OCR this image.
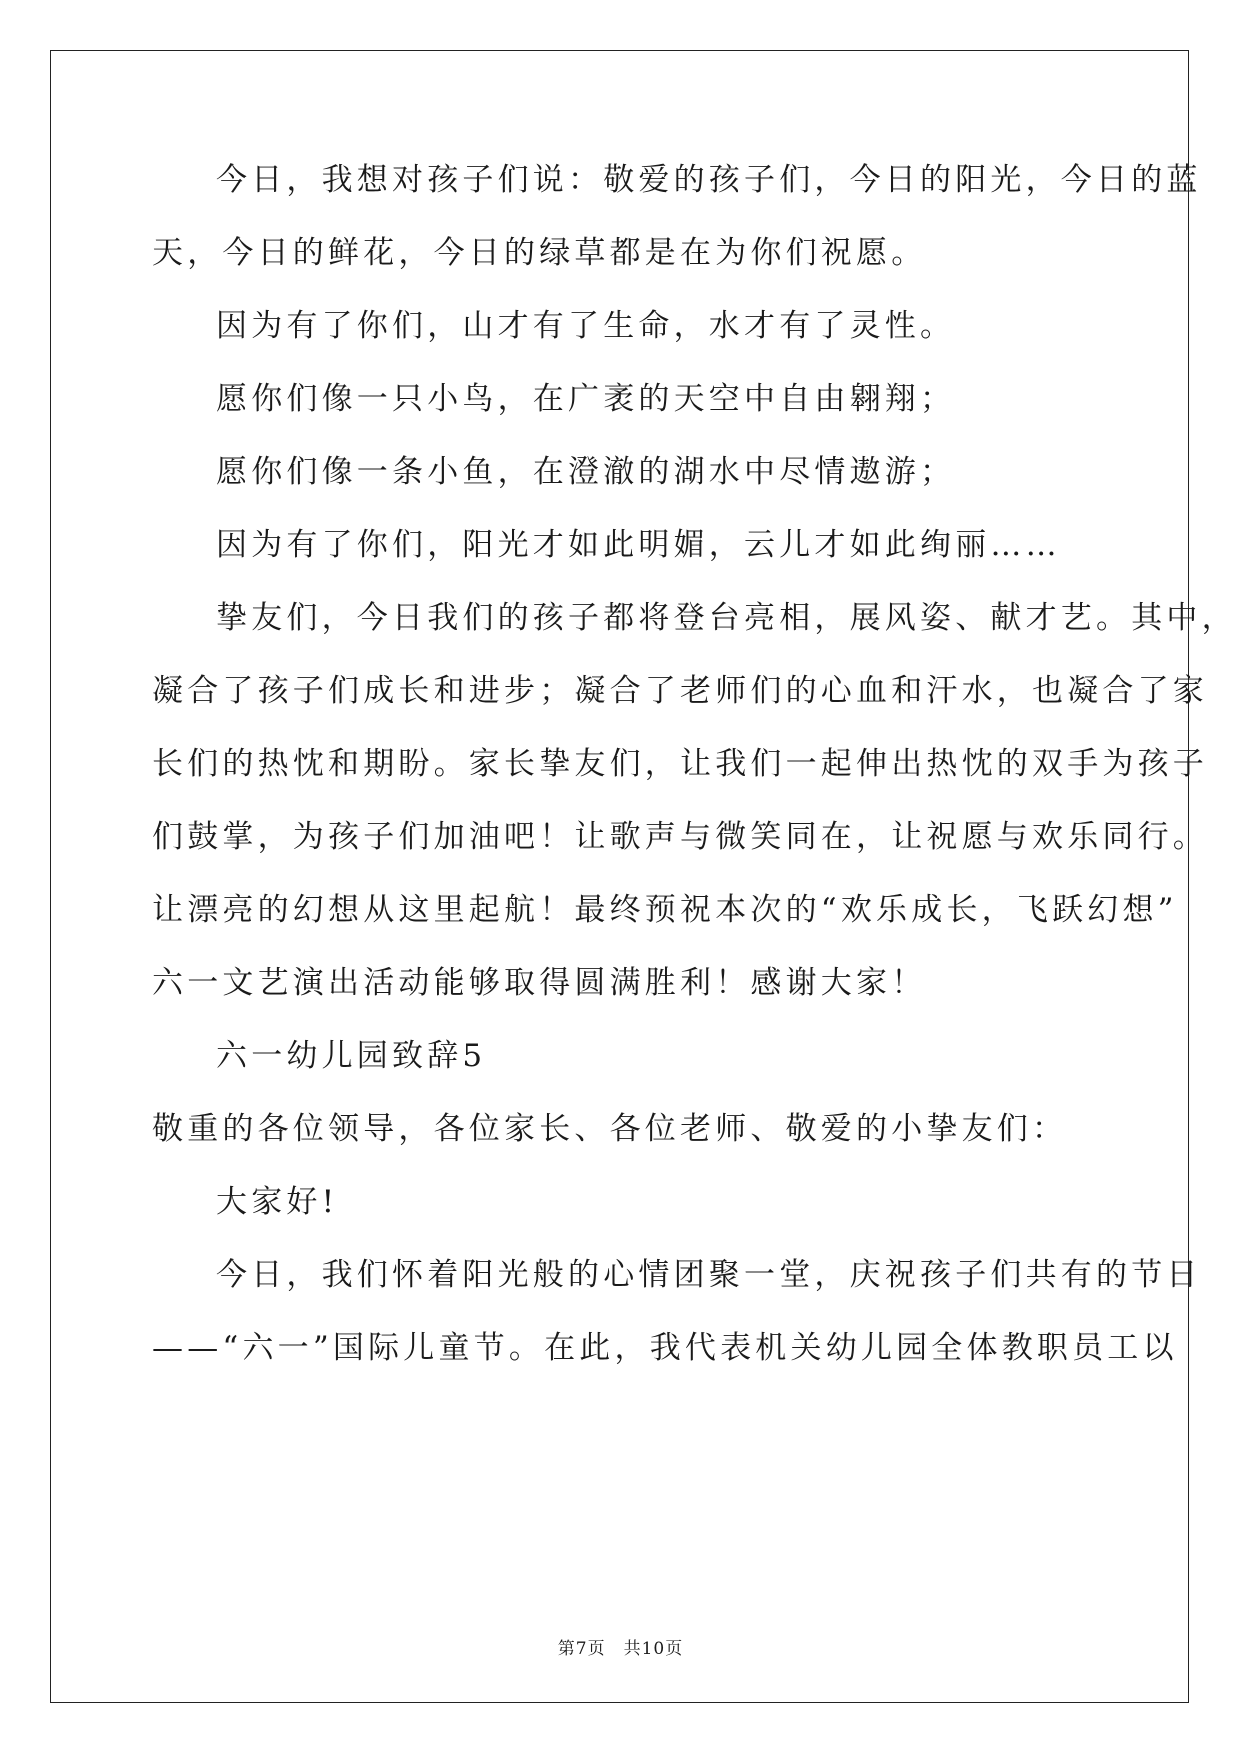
今日，我想对孩子们说：敬爱的孩子们，今日的阳光，今日的蓝
天，今日的鲜花，今日的绿草都是在为你们祝愿。
因为有了你们，山才有了生命，水才有了灵性。
愿你们像一只小鸟，在广袤的天空中自由翱翔；
愿你们像一条小鱼，在澄澈的湖水中尽情遨游；
因为有了你们，阳光才如此明媚，云儿才如此绚丽……
挚友们，今日我们的孩子都将登台亮相，展风姿、献才艺。其中，
凝合了孩子们成长和进步；凝合了老师们的心血和汗水，也凝合了家
长们的热忱和期盼。家长挚友们，让我们一起伸出热忱的双手为孩子
们鼓掌，为孩子们加油吧！让歌声与微笑同在，让祝愿与欢乐同行。
让漂亮的幻想从这里起航！最终预祝本次的“欢乐成长，飞跃幻想”
六一文艺演出活动能够取得圆满胜利！感谢大家！
六一幼儿园致辞5
敬重的各位领导，各位家长、各位老师、敬爱的小挚友们：
大家好!
今日，我们怀着阳光般的心情团聚一堂，庆祝孩子们共有的节日
——“六一”国际儿童节。在此，我代表机关幼儿园全体教职员工以
第7页　共10页
